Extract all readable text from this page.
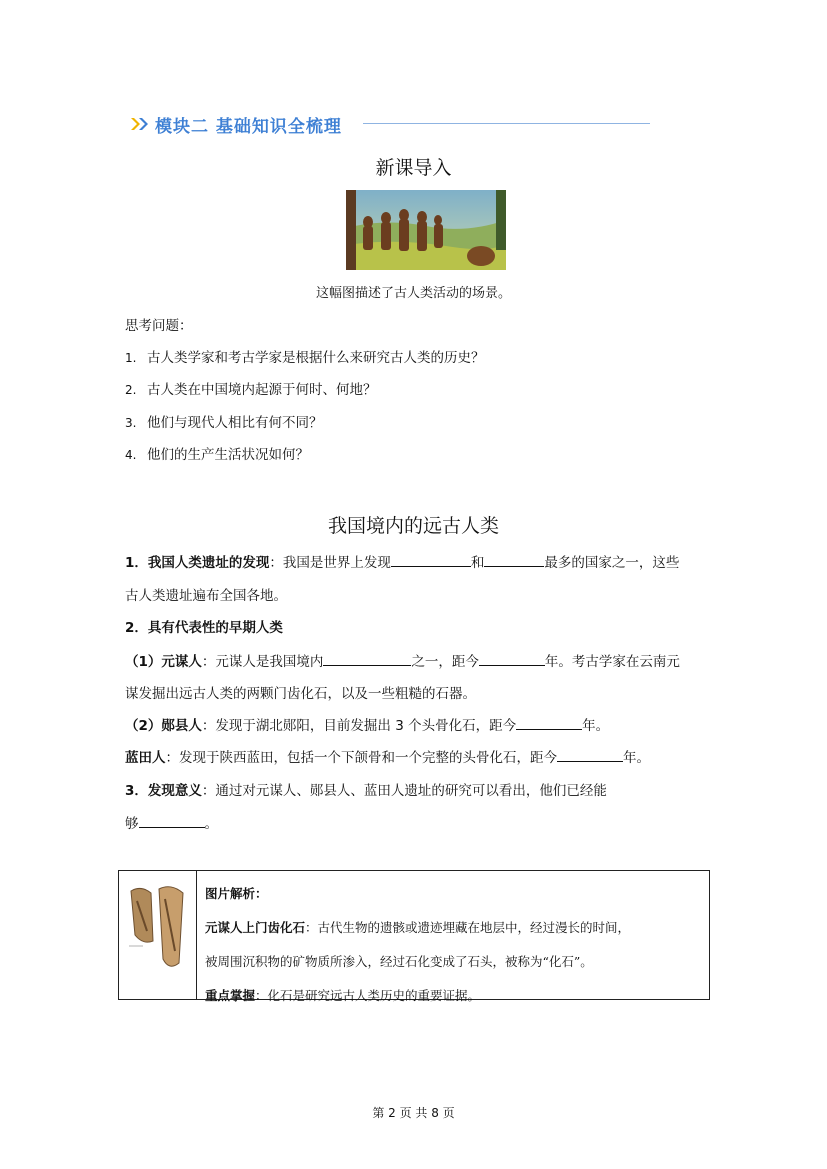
模块二 基础知识全梳理
新课导入
这幅图描述了古人类活动的场景。
思考问题：
1. 古人类学家和考古学家是根据什么来研究古人类的历史？
2. 古人类在中国境内起源于何时、何地？
3. 他们与现代人相比有何不同？
4. 他们的生产生活状况如何？
我国境内的远古人类
1．我国人类遗址的发现：我国是世界上发现	和	最多的国家之一，这些
古人类遗址遍布全国各地。
2．具有代表性的早期人类
（1）元谋人：元谋人是我国境内	之一，距今	年。考古学家在云南元
谋发掘出远古人类的两颗门齿化石，以及一些粗糙的石器。
（2）郧县人：发现于湖北郧阳，目前发掘出 3 个头骨化石，距今	年。
蓝田人：发现于陕西蓝田，包括一个下颌骨和一个完整的头骨化石，距今	年。
3．发现意义：通过对元谋人、郧县人、蓝田人遗址的研究可以看出，他们已经能
够	。
图片解析：
元谋人上门齿化石：古代生物的遗骸或遗迹埋藏在地层中，经过漫长的时间，
被周围沉积物的矿物质所渗入，经过石化变成了石头，被称为“化石”。
重点掌握：化石是研究远古人类历史的重要证据。
第 2 页 共 8 页
